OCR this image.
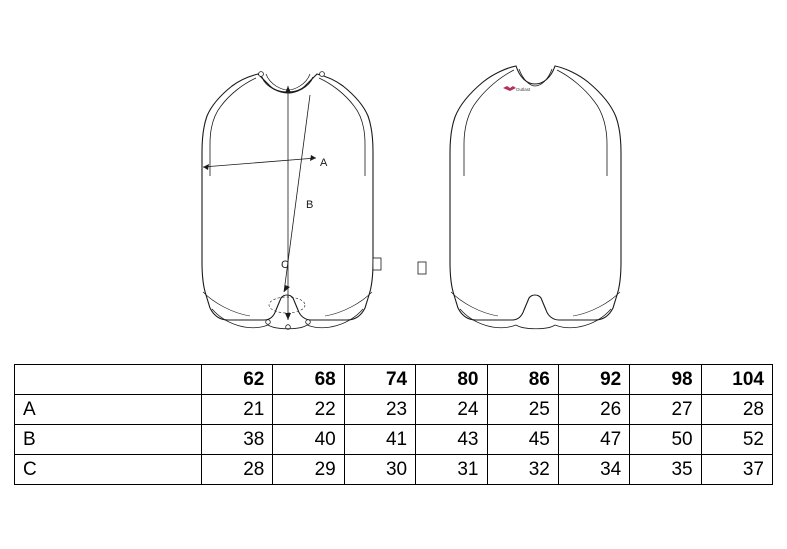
A
B
C
Outlast
	62	68	74	80	86	92	98	104
A	21	22	23	24	25	26	27	28
B	38	40	41	43	45	47	50	52
C	28	29	30	31	32	34	35	37
